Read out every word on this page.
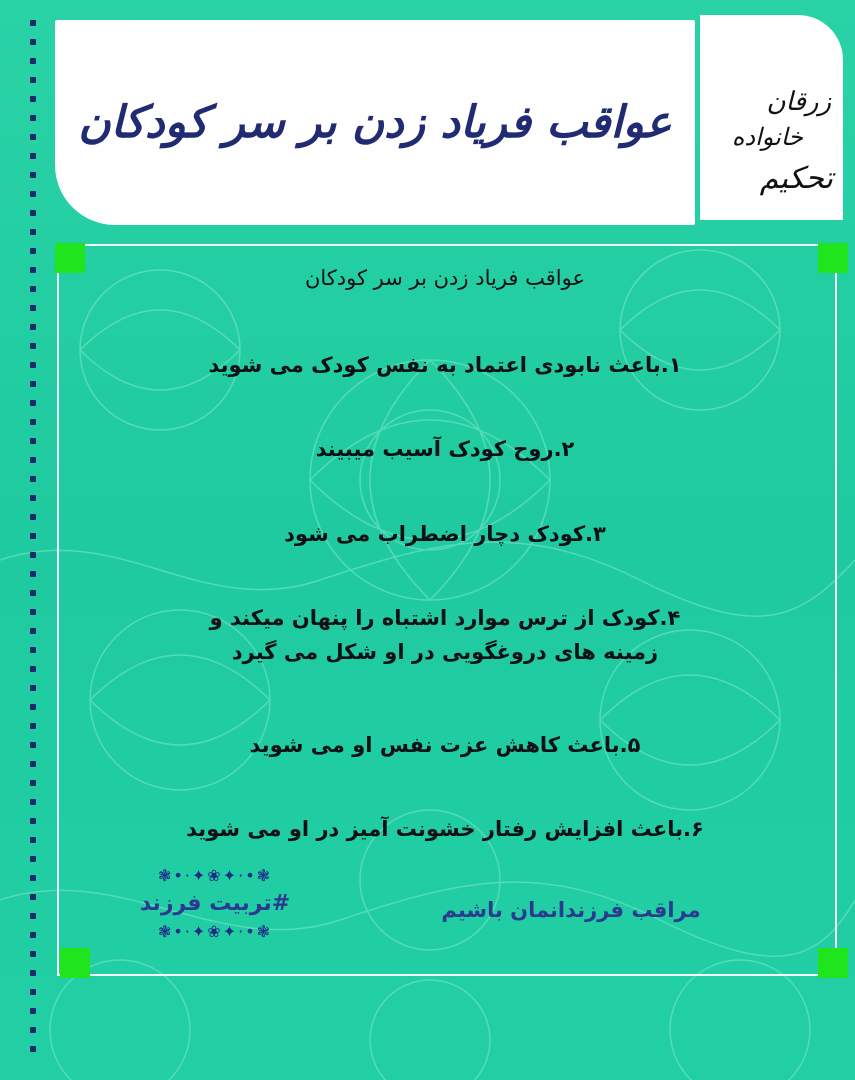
عواقب فریاد زدن بر سر کودکان	زرقان
خانواده
تحکیم
عواقب فریاد زدن بر سر کودکان
۱.باعث نابودی اعتماد به نفس کودک می شوید
۲.روح کودک آسیب میبیند
۳.کودک دچار اضطراب می شود
۴.کودک از ترس موارد اشتباه را پنهان میکند و
زمینه های دروغگویی در او شکل می گیرد
۵.باعث کاهش عزت نفس او می شوید
۶.باعث افزایش رفتار خشونت آمیز در او می شوید
مراقب فرزندانمان باشیم
❃•·✦❀✦·•❃
#تربیت فرزند
❃•·✦❀✦·•❃
